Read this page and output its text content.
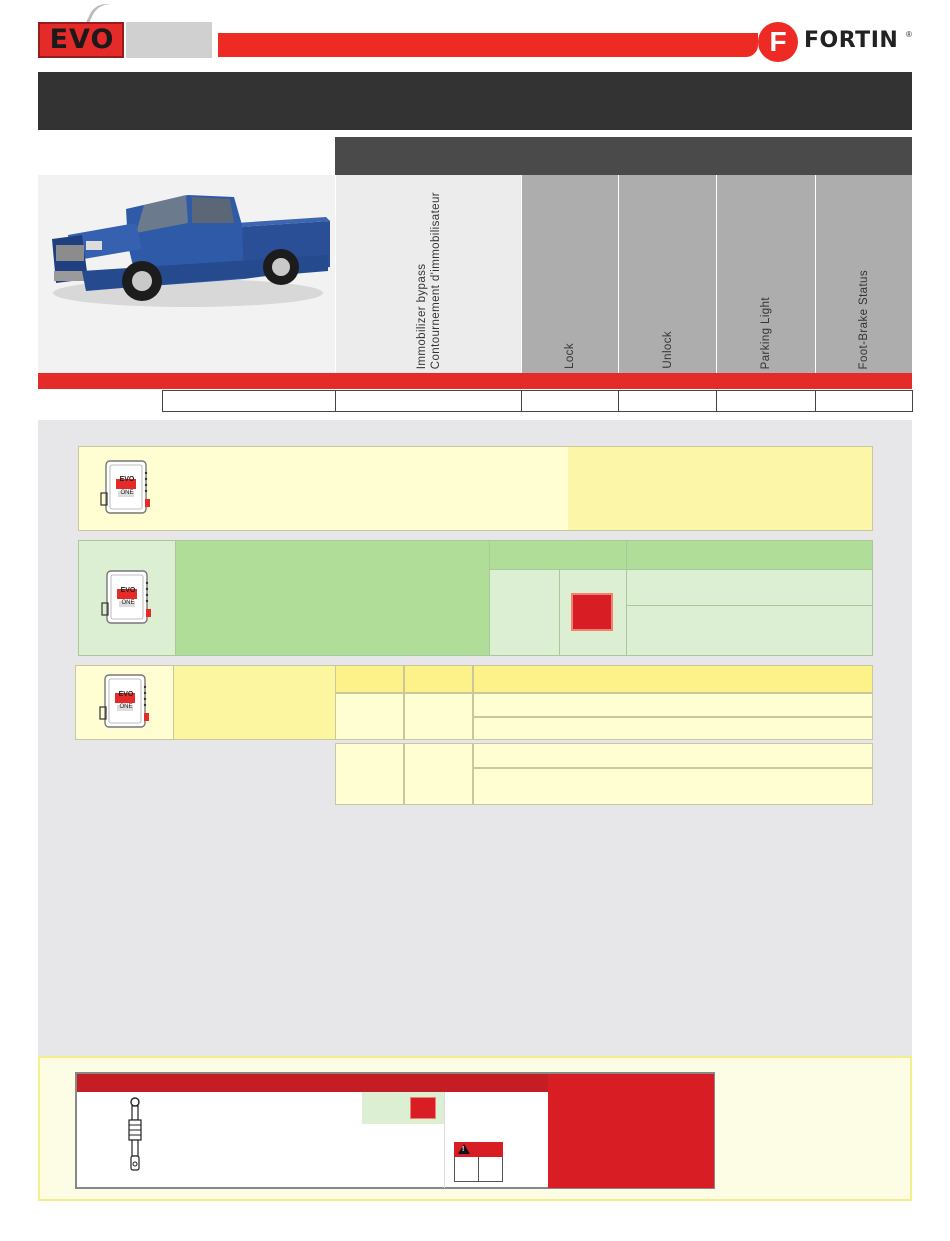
EVO	F FORTIN ®
Immobilizer bypass Contournement d'immobilisateur	Lock	Unlock	Parking Light	Foot-Brake Status
EVO
ONE
EVO
ONE
EVO
ONE
!
